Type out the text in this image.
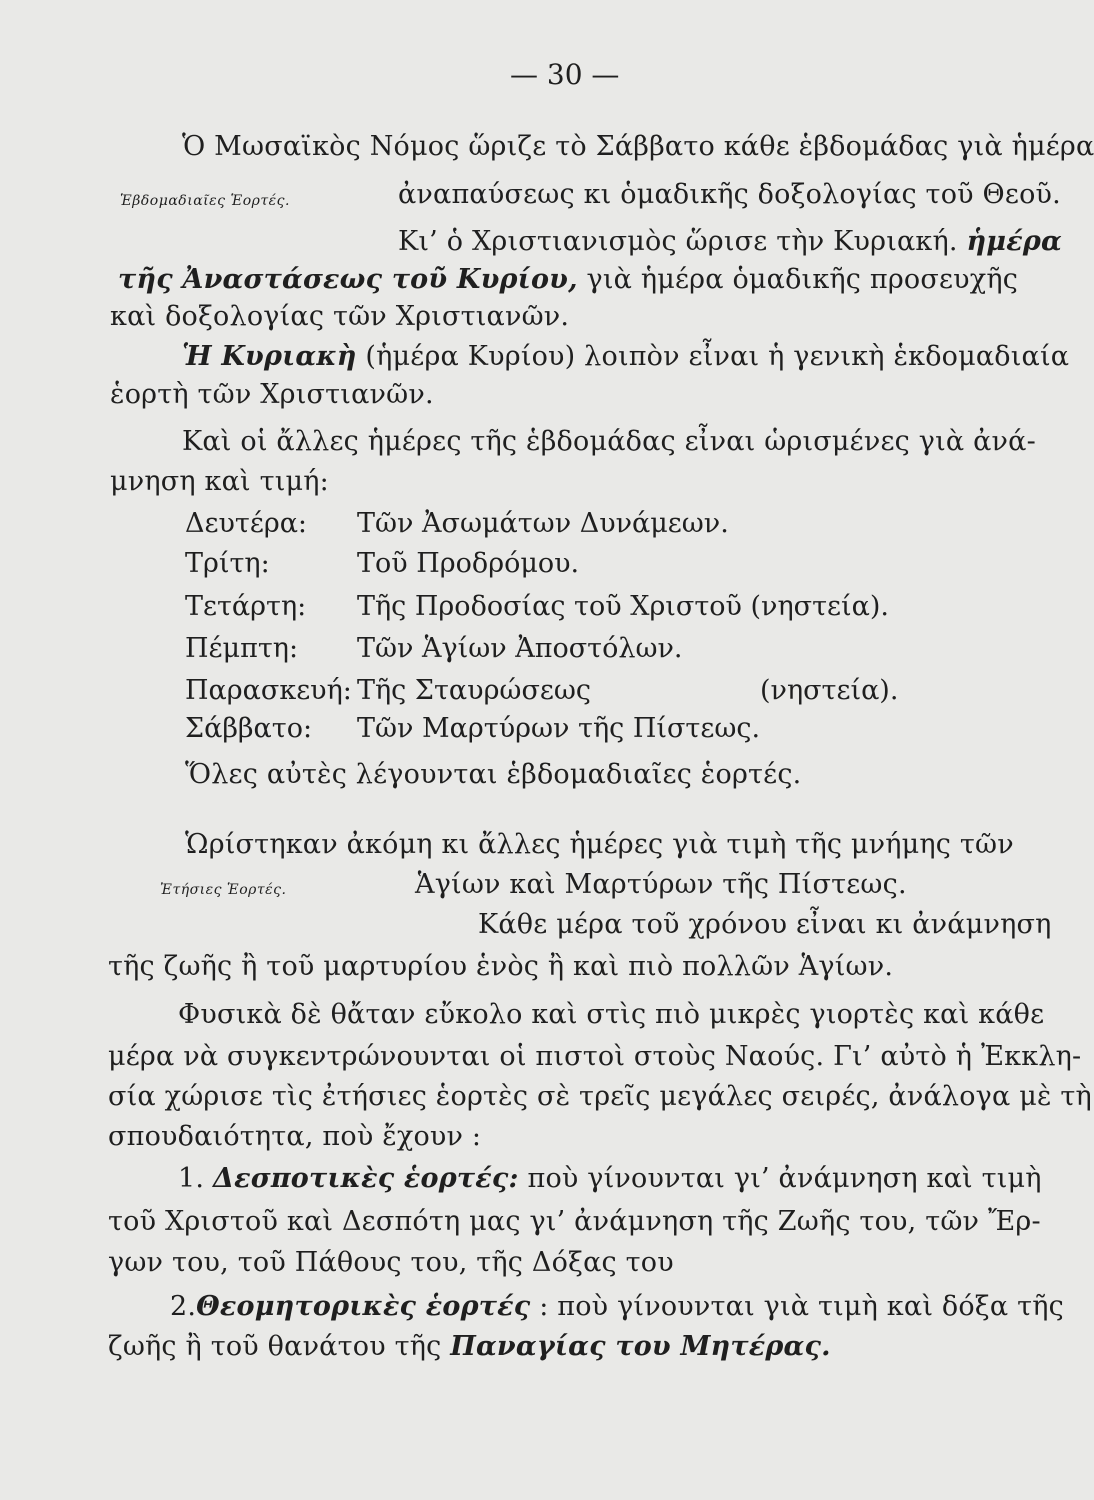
— 30 —
Ὁ Μωσαϊκὸς Νόμος ὥριζε τὸ Σάββατο κάθε ἑβδομάδας γιὰ ἡμέρα
Ἑβδομαδιαῖες Ἑορτές.	ἀναπαύσεως κι ὁμαδικῆς δοξολογίας τοῦ Θεοῦ.
Κι’ ὁ Χριστιανισμὸς ὥρισε τὴν Κυριακή. ἡμέρα
τῆς Ἀναστάσεως τοῦ Κυρίου, γιὰ ἡμέρα ὁμαδικῆς προσευχῆς
καὶ δοξολογίας τῶν Χριστιανῶν.
Ἡ Κυριακὴ (ἡμέρα Κυρίου) λοιπὸν εἶναι ἡ γενικὴ ἑκδομαδιαία
ἑορτὴ τῶν Χριστιανῶν.
Καὶ οἱ ἄλλες ἡμέρες τῆς ἑβδομάδας εἶναι ὡρισμένες γιὰ ἀνά-
μνηση καὶ τιμή:
Δευτέρα: Τῶν Ἀσωμάτων Δυνάμεων.
Τρίτη:	Τοῦ Προδρόμου.
Τετάρτη: Τῆς Προδοσίας τοῦ Χριστοῦ (νηστεία).
Πέμπτη: Τῶν Ἁγίων Ἀποστόλων.
Παρασκευή: Τῆς Σταυρώσεως	(νηστεία).
Σάββατο: Τῶν Μαρτύρων τῆς Πίστεως.
Ὅλες αὐτὲς λέγουνται ἑβδομαδιαῖες ἑορτές.
Ὡρίστηκαν ἀκόμη κι ἄλλες ἡμέρες γιὰ τιμὴ τῆς μνήμης τῶν
Ἐτήσιες Ἑορτές.	Ἁγίων καὶ Μαρτύρων τῆς Πίστεως.
Κάθε μέρα τοῦ χρόνου εἶναι κι ἀνάμνηση
τῆς ζωῆς ἢ τοῦ μαρτυρίου ἑνὸς ἢ καὶ πιὸ πολλῶν Ἁγίων.
Φυσικὰ δὲ θἄταν εὔκολο καὶ στὶς πιὸ μικρὲς γιορτὲς καὶ κάθε
μέρα νὰ συγκεντρώνουνται οἱ πιστοὶ στοὺς Ναούς. Γι’ αὐτὸ ἡ Ἐκκλη-
σία χώρισε τὶς ἐτήσιες ἑορτὲς σὲ τρεῖς μεγάλες σειρές, ἀνάλογα μὲ τὴ
σπουδαιότητα, ποὺ ἔχουν :
1. Δεσποτικὲς ἑορτές: ποὺ γίνουνται γι’ ἀνάμνηση καὶ τιμὴ
τοῦ Χριστοῦ καὶ Δεσπότη μας γι’ ἀνάμνηση τῆς Ζωῆς του, τῶν Ἔρ-
γων του, τοῦ Πάθους του, τῆς Δόξας του
2.Θεομητορικὲς ἑορτές : ποὺ γίνουνται γιὰ τιμὴ καὶ δόξα τῆς
ζωῆς ἢ τοῦ θανάτου τῆς Παναγίας του Μητέρας.
